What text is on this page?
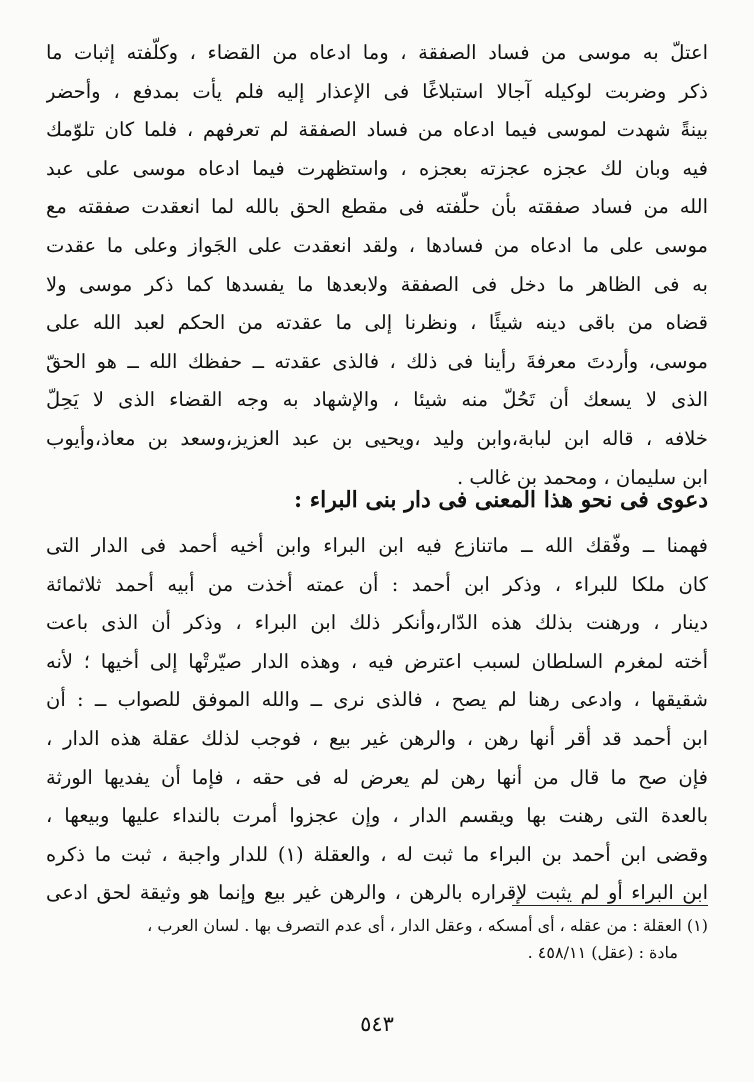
اعتلّ به موسى من فساد الصفقة ، وما ادعاه من القضاء ، وكلّفته إثبات ما
ذكر وضربت لوكيله آجالا استبلاغًا فى الإعذار إليه فلم يأت بمدفع ، وأحضر
بينةً شهدت لموسى فيما ادعاه من فساد الصفقة لم تعرفهم ، فلما كان تلوّمك
فيه وبان لك عجزه عجزته بعجزه ، واستظهرت فيما ادعاه موسى على عبد
الله من فساد صفقته بأن حلّفته فى مقطع الحق بالله لما انعقدت صفقته مع
موسى على ما ادعاه من فسادها ، ولقد انعقدت على الجَواز وعلى ما عقدت
به فى الظاهر ما دخل فى الصفقة ولابعدها ما يفسدها كما ذكر موسى ولا
قضاه من باقى دينه شيئًا ، ونظرنا إلى ما عقدته من الحكم لعبد الله على
موسى، وأردتَ معرفةَ رأينا فى ذلك ، فالذى عقدته ــ حفظك الله ــ هو الحقّ
الذى لا يسعك أن تَحُلّ منه شيئا ، والإشهاد به وجه القضاء الذى لا يَحِلّ
خلافه ، قاله ابن لبابة،وابن وليد ،ويحيى بن عبد العزيز،وسعد بن معاذ،وأيوب
ابن سليمان ، ومحمد بن غالب .
دعوى فى نحو هذا المعنى فى دار بنى البراء :
فهمنا ــ وفّقك الله ــ ماتنازع فيه ابن البراء وابن أخيه أحمد فى الدار التى
كان ملكا للبراء ، وذكر ابن أحمد : أن عمته أخذت من أبيه أحمد ثلاثمائة
دينار ، ورهنت بذلك هذه الدّار،وأنكر ذلك ابن البراء ، وذكر أن الذى باعت
أخته لمغرم السلطان لسبب اعترض فيه ، وهذه الدار صيّرتْها إلى أخيها ؛ لأنه
شقيقها ، وادعى رهنا لم يصح ، فالذى نرى ــ والله الموفق للصواب ــ : أن
ابن أحمد قد أقر أنها رهن ، والرهن غير بيع ، فوجب لذلك عقلة هذه الدار ،
فإن صح ما قال من أنها رهن لم يعرض له فى حقه ، فإما أن يفديها الورثة
بالعدة التى رهنت بها ويقسم الدار ، وإن عجزوا أمرت بالنداء عليها وبيعها ،
وقضى ابن أحمد بن البراء ما ثبت له ، والعقلة (١) للدار واجبة ، ثبت ما ذكره
ابن البراء أو لم يثبت لإقراره بالرهن ، والرهن غير بيع وإنما هو وثيقة لحق ادعى
(١) العقلة : من عقله ، أى أمسكه ، وعقل الدار ، أى عدم التصرف بها . لسان العرب ،
مادة : (عقل) ٤٥٨/١١ .
٥٤٣
